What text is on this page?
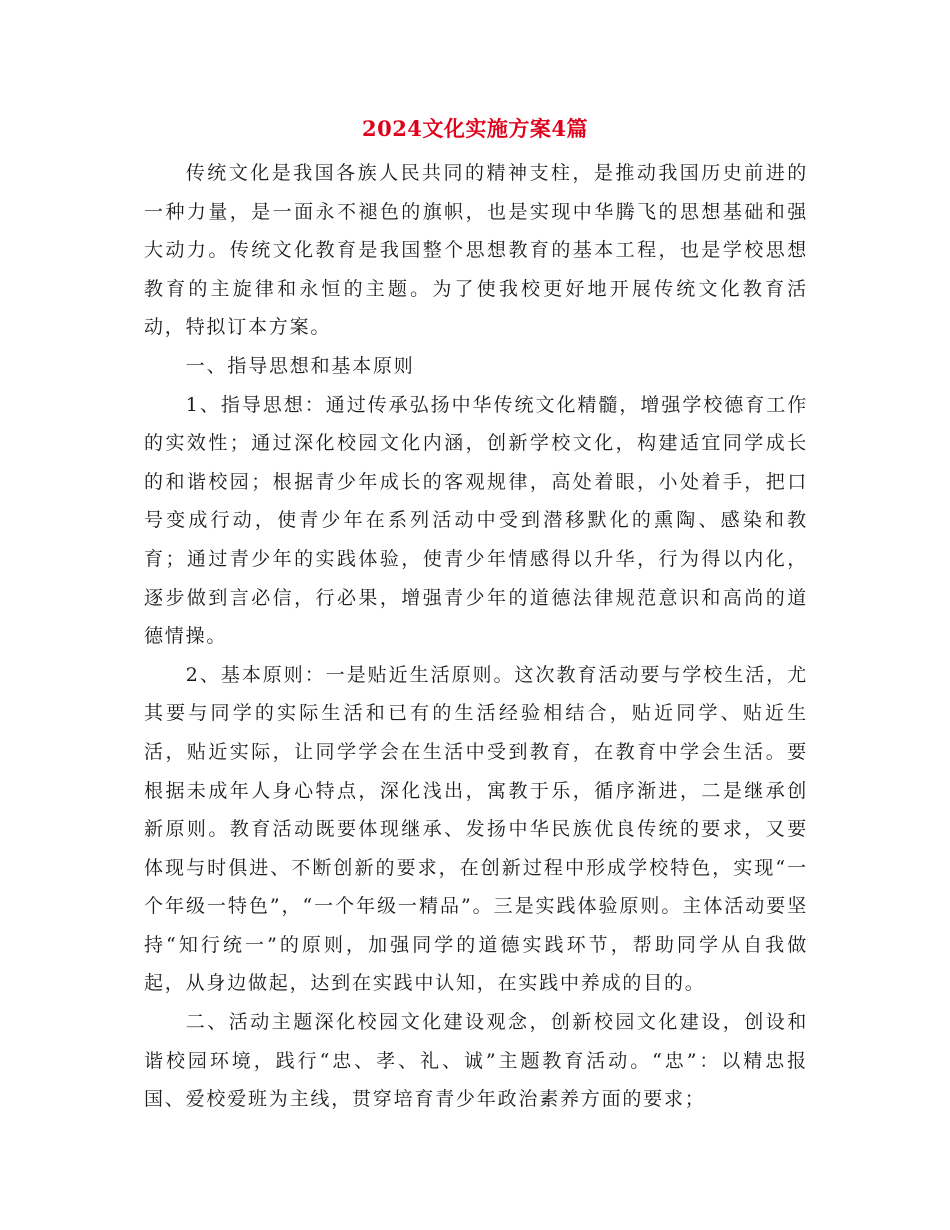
2024文化实施方案4篇

传统文化是我国各族人民共同的精神支柱，是推动我国历史前进的一种力量，是一面永不褪色的旗帜，也是实现中华腾飞的思想基础和强大动力。传统文化教育是我国整个思想教育的基本工程，也是学校思想教育的主旋律和永恒的主题。为了使我校更好地开展传统文化教育活动，特拟订本方案。

一、指导思想和基本原则

1、指导思想：通过传承弘扬中华传统文化精髓，增强学校德育工作的实效性；通过深化校园文化内涵，创新学校文化，构建适宜同学成长的和谐校园；根据青少年成长的客观规律，高处着眼，小处着手，把口号变成行动，使青少年在系列活动中受到潜移默化的熏陶、感染和教育；通过青少年的实践体验，使青少年情感得以升华，行为得以内化，逐步做到言必信，行必果，增强青少年的道德法律规范意识和高尚的道德情操。

2、基本原则：一是贴近生活原则。这次教育活动要与学校生活，尤其要与同学的实际生活和已有的生活经验相结合，贴近同学、贴近生活，贴近实际，让同学学会在生活中受到教育，在教育中学会生活。要根据未成年人身心特点，深化浅出，寓教于乐，循序渐进，二是继承创新原则。教育活动既要体现继承、发扬中华民族优良传统的要求，又要体现与时俱进、不断创新的要求，在创新过程中形成学校特色，实现“一个年级一特色”，“一个年级一精品”。三是实践体验原则。主体活动要坚持“知行统一”的原则，加强同学的道德实践环节，帮助同学从自我做起，从身边做起，达到在实践中认知，在实践中养成的目的。

二、活动主题深化校园文化建设观念，创新校园文化建设，创设和谐校园环境，践行“忠、孝、礼、诚”主题教育活动。“忠”：以精忠报国、爱校爱班为主线，贯穿培育青少年政治素养方面的要求；
